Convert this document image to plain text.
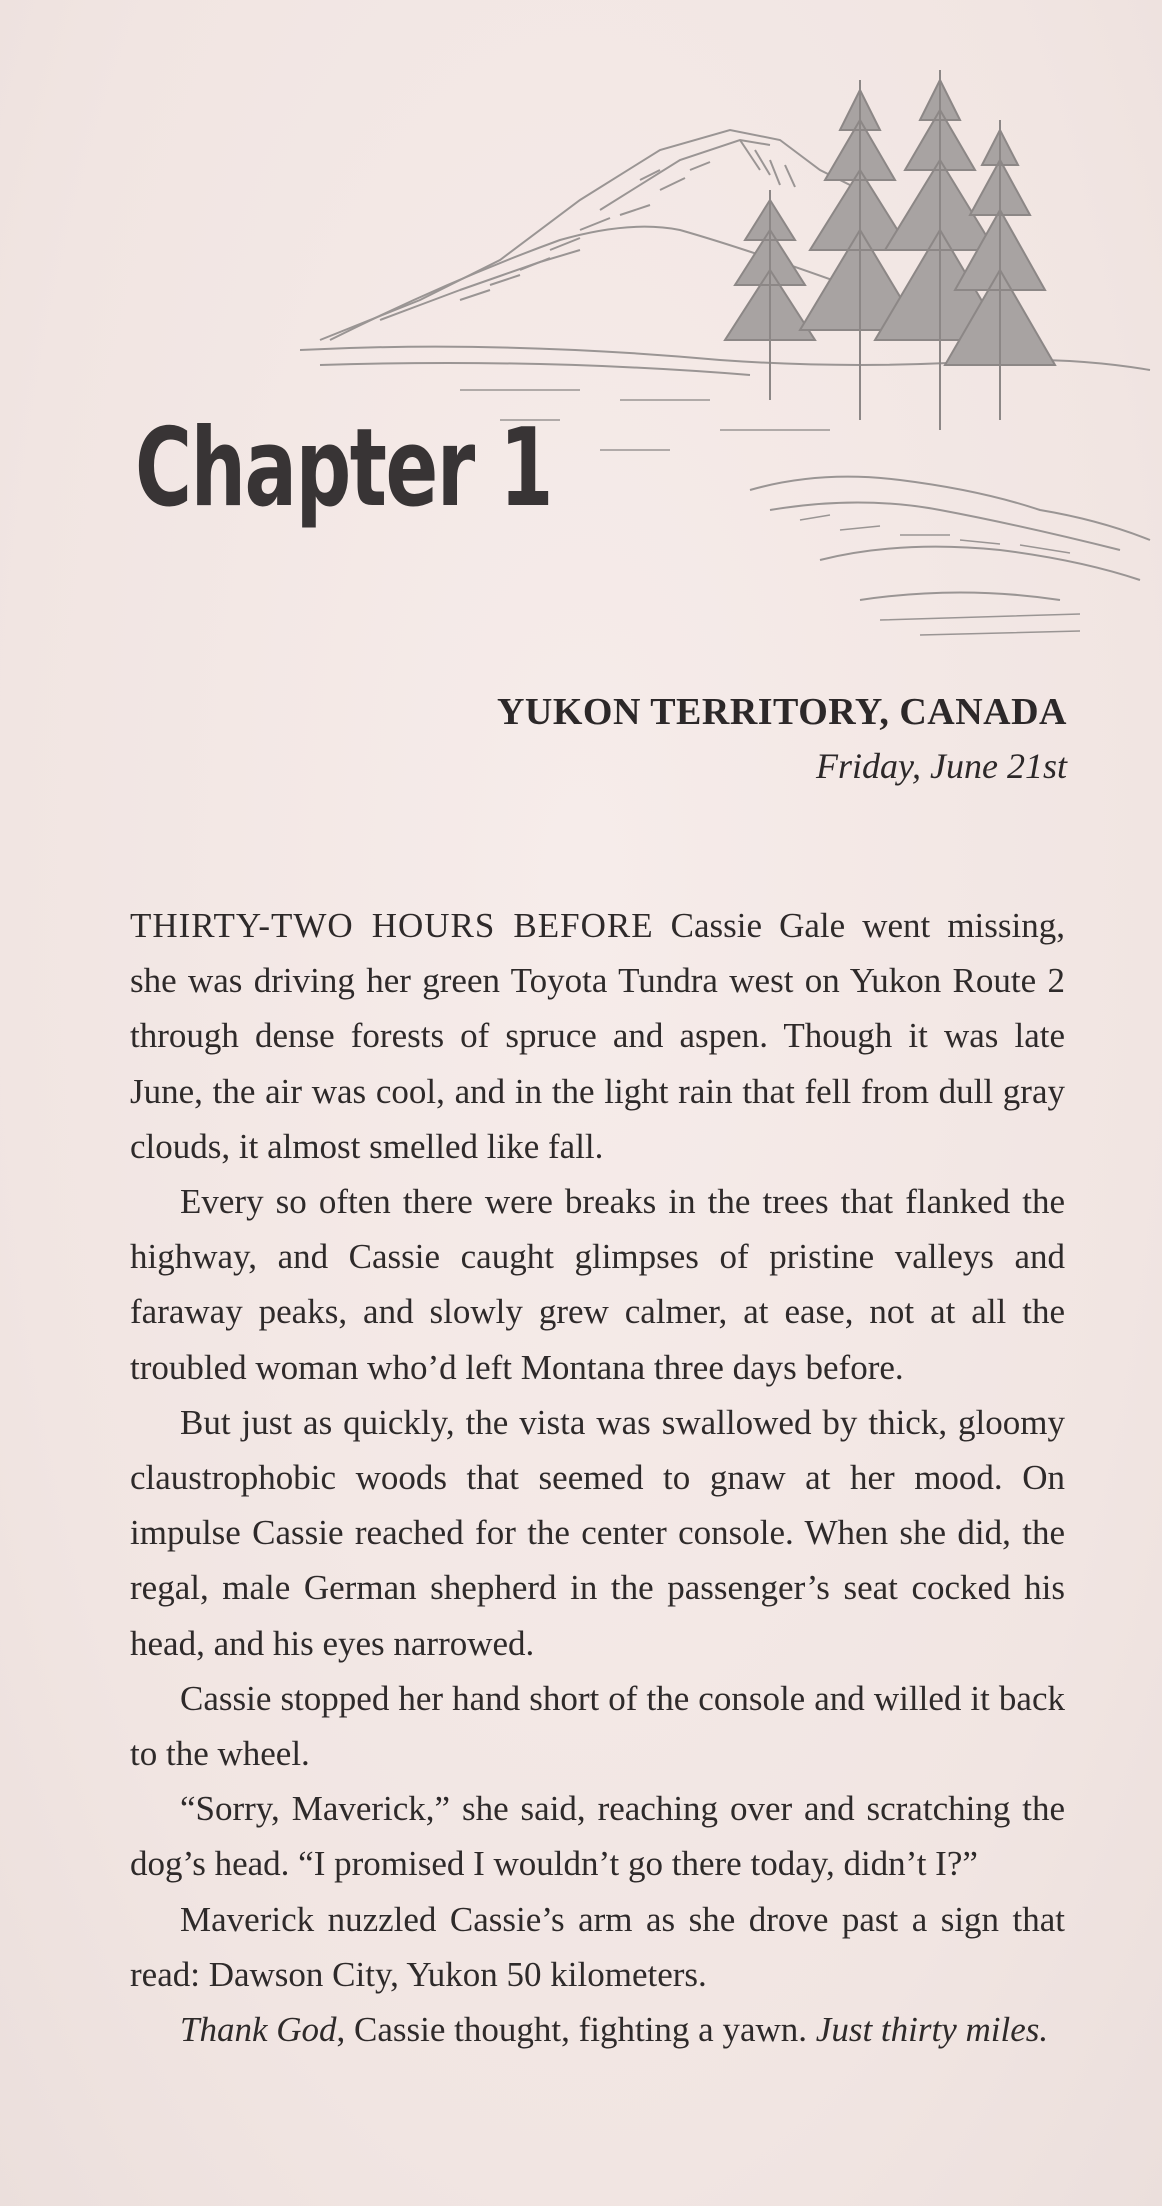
Chapter 1
YUKON TERRITORY, CANADA
Friday, June 21st

THIRTY-TWO HOURS BEFORE Cassie Gale went missing, she was driving her green Toyota Tundra west on Yukon Route 2 through dense forests of spruce and aspen. Though it was late June, the air was cool, and in the light rain that fell from dull gray clouds, it almost smelled like fall.

Every so often there were breaks in the trees that flanked the highway, and Cassie caught glimpses of pristine valleys and faraway peaks, and slowly grew calmer, at ease, not at all the troubled woman who’d left Montana three days before.

But just as quickly, the vista was swallowed by thick, gloomy claustrophobic woods that seemed to gnaw at her mood. On impulse Cassie reached for the center console. When she did, the regal, male German shepherd in the passenger’s seat cocked his head, and his eyes narrowed.

Cassie stopped her hand short of the console and willed it back to the wheel.

“Sorry, Maverick,” she said, reaching over and scratching the dog’s head. “I promised I wouldn’t go there today, didn’t I?”

Maverick nuzzled Cassie’s arm as she drove past a sign that read: Dawson City, Yukon 50 kilometers.

Thank God, Cassie thought, fighting a yawn. Just thirty miles.
